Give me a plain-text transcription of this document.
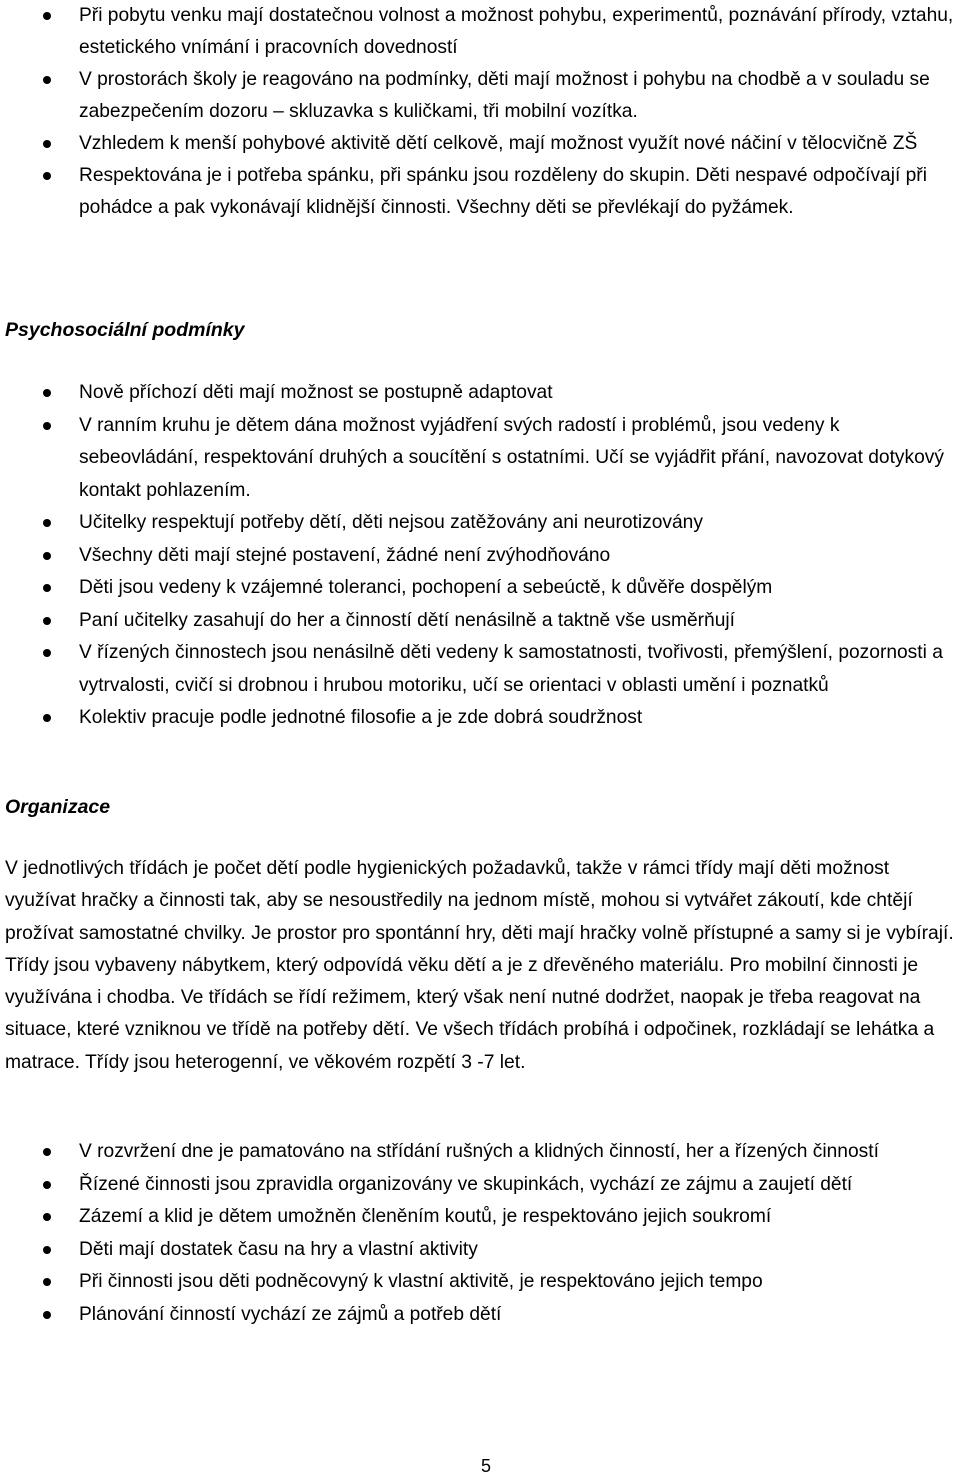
Při pobytu venku mají dostatečnou volnost a možnost pohybu, experimentů, poznávání přírody, vztahu, estetického vnímání i pracovních dovedností
V prostorách školy je reagováno na podmínky, děti mají možnost i pohybu na chodbě a v souladu se zabezpečením dozoru – skluzavka s kuličkami, tři mobilní vozítka.
Vzhledem k menší pohybové aktivitě dětí celkově, mají možnost využít nové náčiní v tělocvičně ZŠ
Respektována je i potřeba spánku, při spánku jsou rozděleny do skupin. Děti nespavé odpočívají při pohádce a pak vykonávají klidnější činnosti. Všechny děti se převlékají do pyžámek.
Psychosociální podmínky
Nově příchozí děti mají možnost se postupně adaptovat
V ranním kruhu je dětem dána možnost vyjádření svých radostí i problémů, jsou vedeny k sebeovládání, respektování druhých a soucítění s ostatními. Učí se vyjádřit přání, navozovat dotykový kontakt pohlazením.
Učitelky respektují potřeby dětí, děti nejsou zatěžovány ani neurotizovány
Všechny děti mají stejné postavení, žádné není zvýhodňováno
Děti jsou vedeny k vzájemné toleranci, pochopení a sebeúctě, k důvěře dospělým
Paní učitelky zasahují do her a činností dětí nenásilně a taktně vše usměrňují
V řízených činnostech jsou nenásilně děti vedeny k samostatnosti, tvořivosti, přemýšlení, pozornosti a vytrvalosti, cvičí si drobnou i hrubou motoriku, učí se orientaci v oblasti umění i poznatků
Kolektiv pracuje podle jednotné filosofie a je zde dobrá soudržnost
Organizace

V jednotlivých třídách je počet dětí podle hygienických požadavků, takže v rámci třídy mají děti možnost využívat hračky a činnosti tak, aby se nesoustředily na jednom místě, mohou si vytvářet zákoutí, kde chtějí prožívat samostatné chvilky. Je prostor pro spontánní hry, děti mají hračky volně přístupné a samy si je vybírají. Třídy jsou vybaveny nábytkem, který odpovídá věku dětí a je z dřevěného materiálu. Pro mobilní činnosti je využívána i chodba. Ve třídách se řídí režimem, který však není nutné dodržet, naopak je třeba reagovat na situace, které vzniknou ve třídě na potřeby dětí. Ve všech třídách probíhá i odpočinek, rozkládají se lehátka a matrace. Třídy jsou heterogenní, ve věkovém rozpětí 3 -7 let.

V rozvržení dne je pamatováno na střídání rušných a klidných činností, her a řízených činností
Řízené činnosti jsou zpravidla organizovány ve skupinkách, vychází ze zájmu a zaujetí dětí
Zázemí a klid je dětem umožněn členěním koutů, je respektováno jejich soukromí
Děti mají dostatek času na hry a vlastní aktivity
Při činnosti jsou děti podněcovyný k vlastní aktivitě, je respektováno jejich tempo
Plánování činností vychází ze zájmů a potřeb dětí
5
